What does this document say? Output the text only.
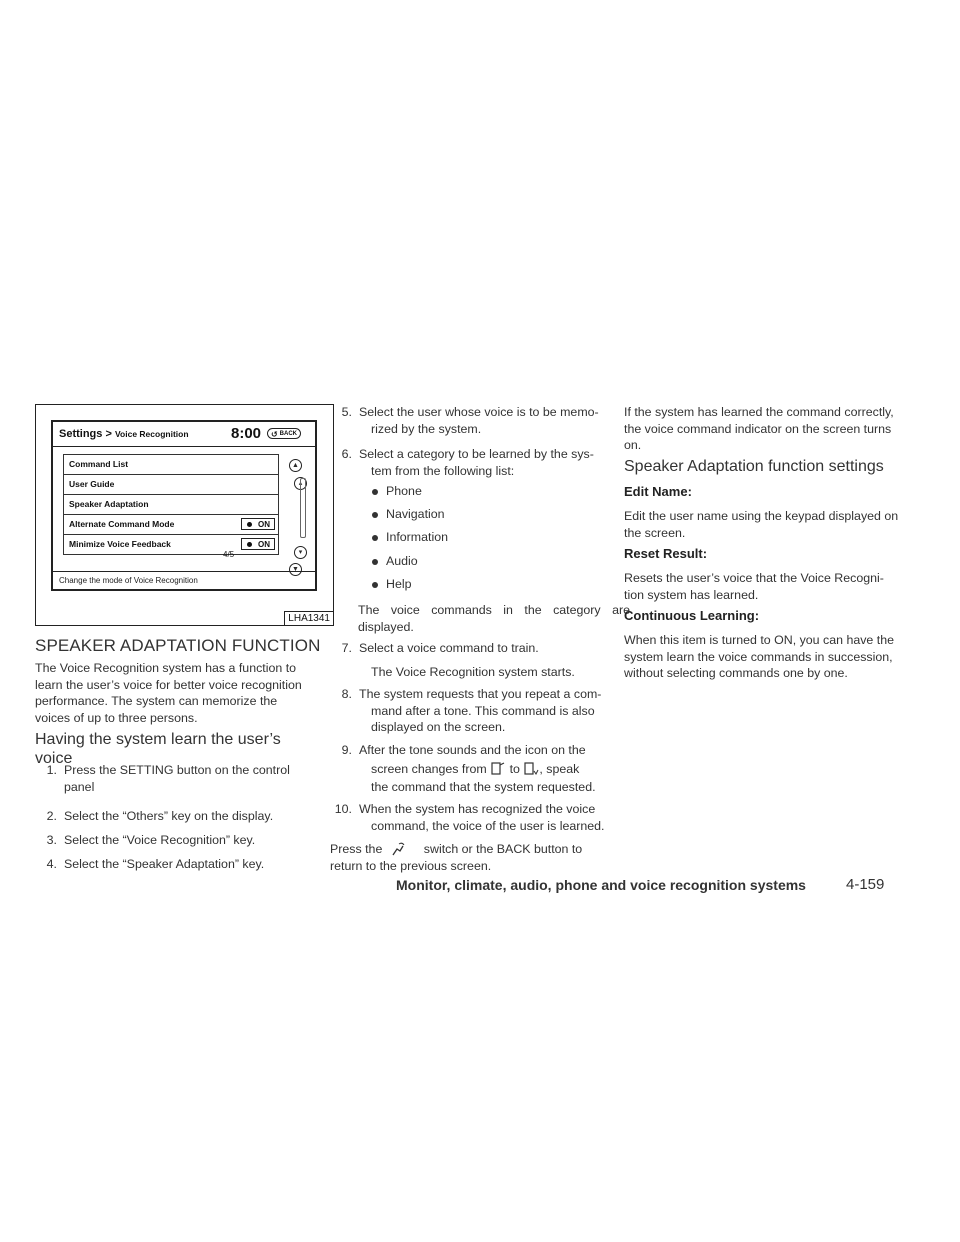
Settings > Voice Recognition	8:00 ↺ BACK
Command List
User Guide
Speaker Adaptation
Alternate Command Mode	ON
Minimize Voice Feedback	ON
▲
▴
▾
▼
4/5
Change the mode of Voice Recognition
LHA1341
SPEAKER ADAPTATION FUNCTION

The Voice Recognition system has a function to

learn the user’s voice for better voice recognition

performance. The system can memorize the

voices of up to three persons.

Having the system learn the user’s

voice

1. Press the SETTING button on the control

panel

2. Select the “Others” key on the display.

3. Select the “Voice Recognition” key.

4. Select the “Speaker Adaptation” key.

5. Select the user whose voice is to be memo-

rized by the system.

6. Select a category to be learned by the sys-

tem from the following list:

Phone
Navigation
Information
Audio
Help

The voice commands in the category are

displayed.

7. Select a voice command to train.

The Voice Recognition system starts.
8. The system requests that you repeat a com-

mand after a tone. This command is also

displayed on the screen.

9. After the tone sounds and the icon on the

screen changes from to , speak

the command that the system requested.

10. When the system has recognized the voice

command, the voice of the user is learned.

Press the	switch or the BACK button to

return to the previous screen.

If the system has learned the command correctly,

the voice command indicator on the screen turns

on.

Speaker Adaptation function settings
Edit Name:

Edit the user name using the keypad displayed on

the screen.

Reset Result:

Resets the user’s voice that the Voice Recogni-

tion system has learned.

Continuous Learning:

When this item is turned to ON, you can have the

system learn the voice commands in succession,

without selecting commands one by one.

Monitor, climate, audio, phone and voice recognition systems	4-159
